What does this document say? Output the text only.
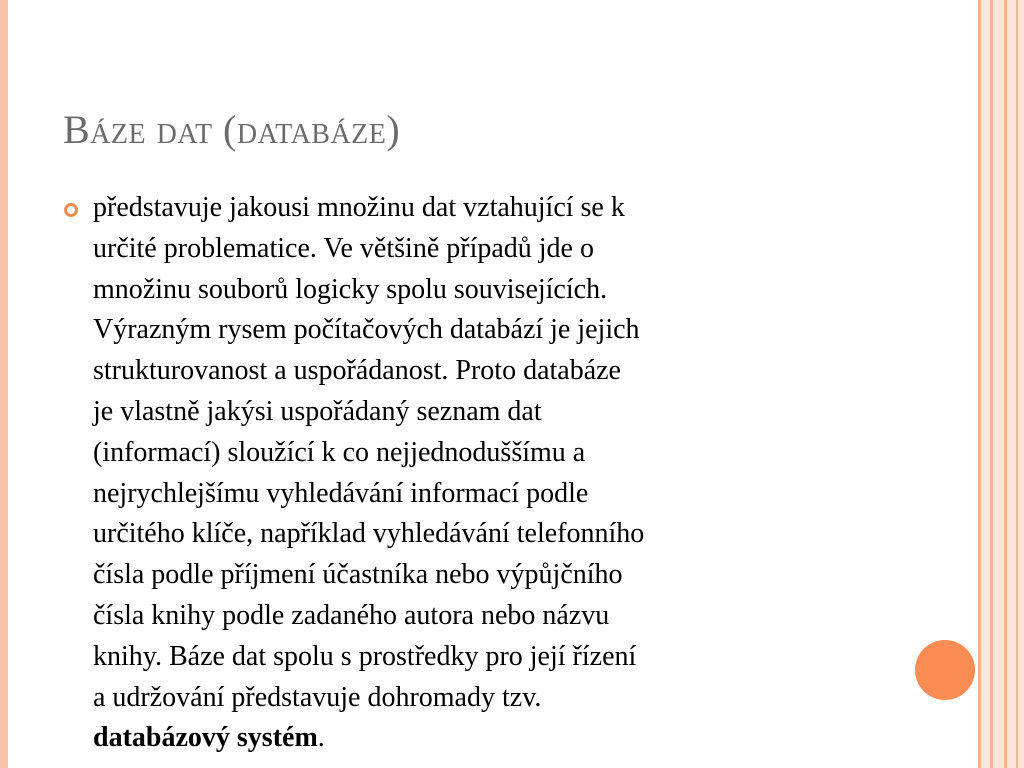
Báze dat (databáze)
představuje jakousi množinu dat vztahující se k
určité problematice. Ve většině případů jde o
množinu souborů logicky spolu souvisejících.
Výrazným rysem počítačových databází je jejich
strukturovanost a uspořádanost. Proto databáze
je vlastně jakýsi uspořádaný seznam dat
(informací) sloužící k co nejjednoduššímu a
nejrychlejšímu vyhledávání informací podle
určitého klíče, například vyhledávání telefonního
čísla podle příjmení účastníka nebo výpůjčního
čísla knihy podle zadaného autora nebo názvu
knihy. Báze dat spolu s prostředky pro její řízení
a udržování představuje dohromady tzv.
databázový systém.
